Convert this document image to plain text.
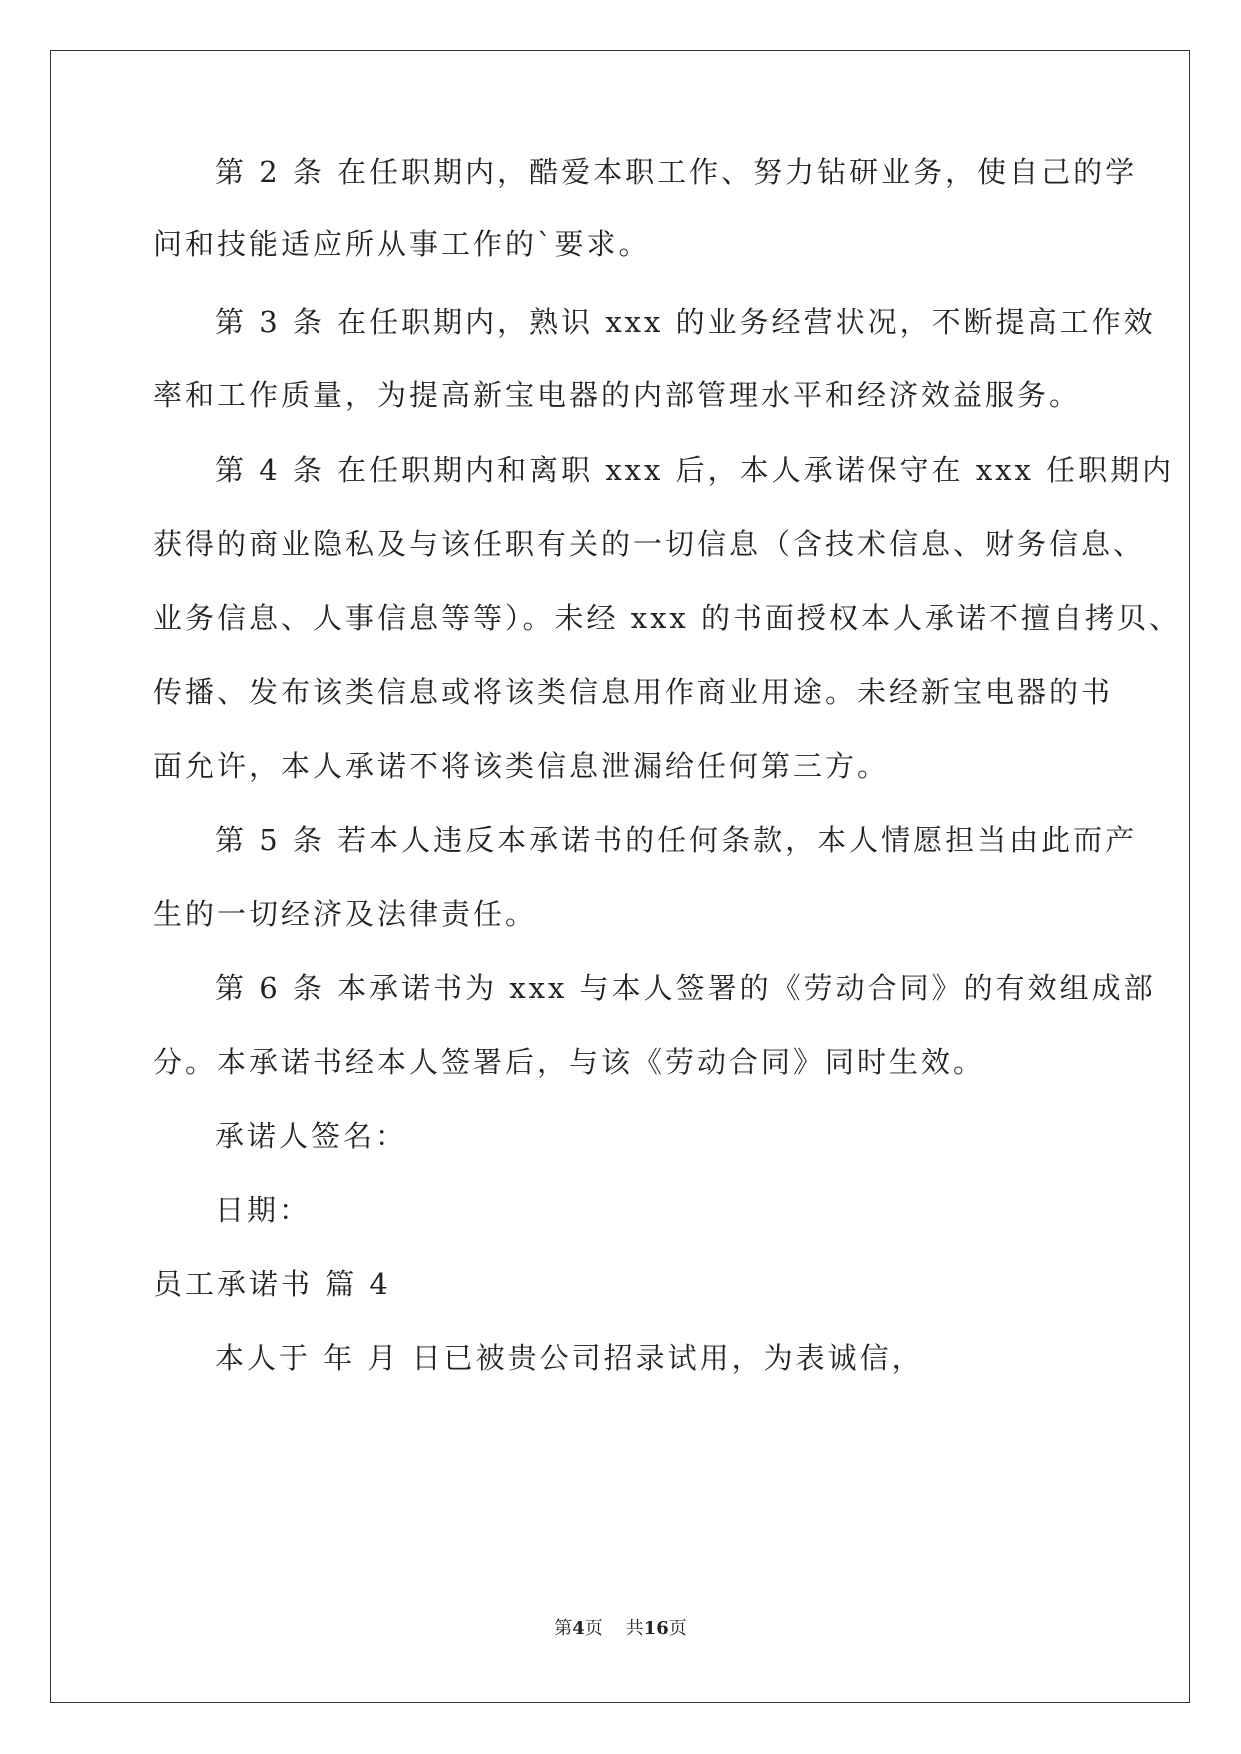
第 2 条 在任职期内，酷爱本职工作、努力钻研业务，使自己的学
问和技能适应所从事工作的`要求。
第 3 条 在任职期内，熟识 xxx 的业务经营状况，不断提高工作效
率和工作质量，为提高新宝电器的内部管理水平和经济效益服务。
第 4 条 在任职期内和离职 xxx 后，本人承诺保守在 xxx 任职期内
获得的商业隐私及与该任职有关的一切信息（含技术信息、财务信息、
业务信息、人事信息等等）。未经 xxx 的书面授权本人承诺不擅自拷贝、
传播、发布该类信息或将该类信息用作商业用途。未经新宝电器的书
面允许，本人承诺不将该类信息泄漏给任何第三方。
第 5 条 若本人违反本承诺书的任何条款，本人情愿担当由此而产
生的一切经济及法律责任。
第 6 条 本承诺书为 xxx 与本人签署的《劳动合同》的有效组成部
分。本承诺书经本人签署后，与该《劳动合同》同时生效。
承诺人签名：
日期：
员工承诺书 篇 4
本人于 年 月 日已被贵公司招录试用，为表诚信，
第4页    共16页
